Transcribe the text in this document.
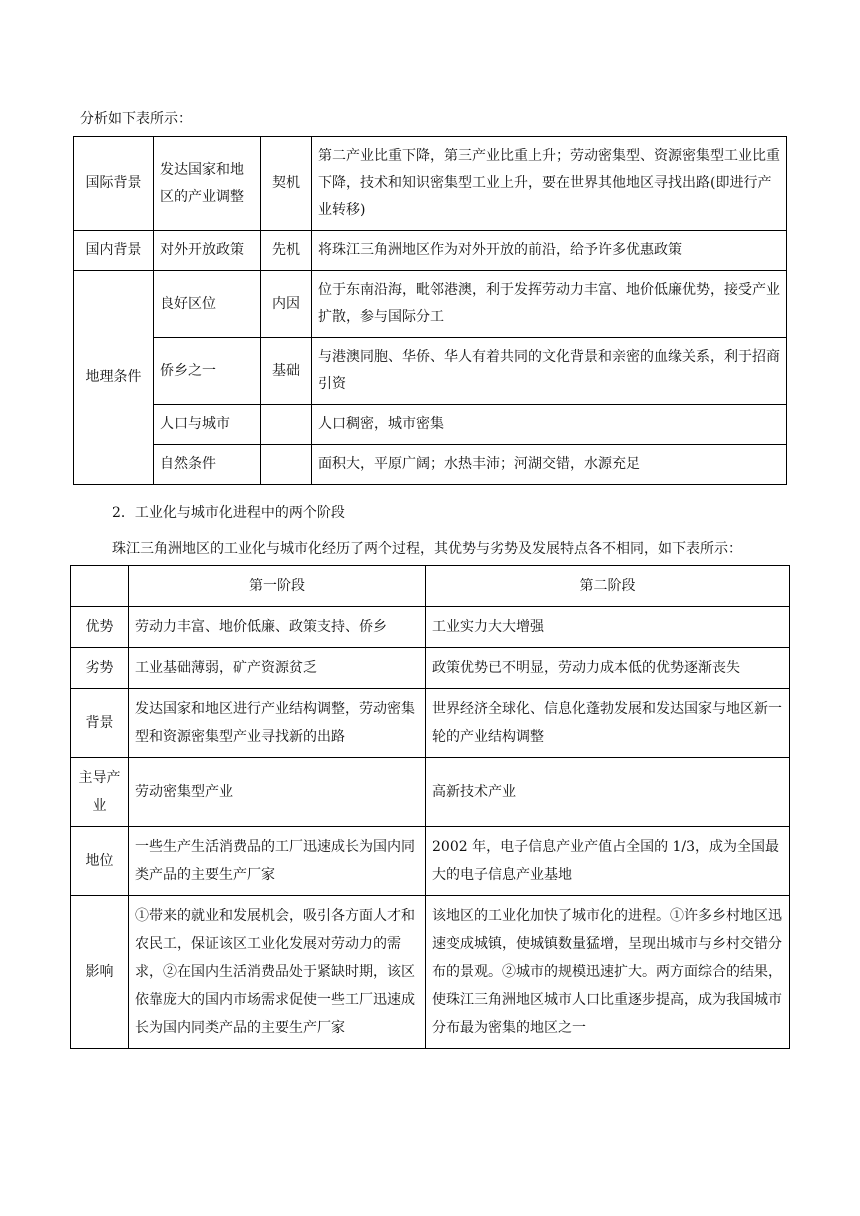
分析如下表所示：

国际背景	发达国家和地区的产业调整	契机	第二产业比重下降，第三产业比重上升；劳动密集型、资源密集型工业比重下降，技术和知识密集型工业上升，要在世界其他地区寻找出路(即进行产业转移)
国内背景	对外开放政策	先机	将珠江三角洲地区作为对外开放的前沿，给予许多优惠政策
地理条件	良好区位	内因	位于东南沿海，毗邻港澳，利于发挥劳动力丰富、地价低廉优势，接受产业扩散，参与国际分工
	侨乡之一	基础	与港澳同胞、华侨、华人有着共同的文化背景和亲密的血缘关系，利于招商引资
	人口与城市		人口稠密，城市密集
	自然条件		面积大，平原广阔；水热丰沛；河湖交错，水源充足

2．工业化与城市化进程中的两个阶段

珠江三角洲地区的工业化与城市化经历了两个过程，其优势与劣势及发展特点各不相同，如下表所示：

	第一阶段	第二阶段
优势	劳动力丰富、地价低廉、政策支持、侨乡	工业实力大大增强
劣势	工业基础薄弱，矿产资源贫乏	政策优势已不明显，劳动力成本低的优势逐渐丧失
背景	发达国家和地区进行产业结构调整，劳动密集型和资源密集型产业寻找新的出路	世界经济全球化、信息化蓬勃发展和发达国家与地区新一轮的产业结构调整
主导产业	劳动密集型产业	高新技术产业
地位	一些生产生活消费品的工厂迅速成长为国内同类产品的主要生产厂家	2002 年，电子信息产业产值占全国的 1/3，成为全国最大的电子信息产业基地
影响	①带来的就业和发展机会，吸引各方面人才和农民工，保证该区工业化发展对劳动力的需求，②在国内生活消费品处于紧缺时期，该区依靠庞大的国内市场需求促使一些工厂迅速成长为国内同类产品的主要生产厂家	该地区的工业化加快了城市化的进程。①许多乡村地区迅速变成城镇，使城镇数量猛增，呈现出城市与乡村交错分布的景观。②城市的规模迅速扩大。两方面综合的结果，使珠江三角洲地区城市人口比重逐步提高，成为我国城市分布最为密集的地区之一
